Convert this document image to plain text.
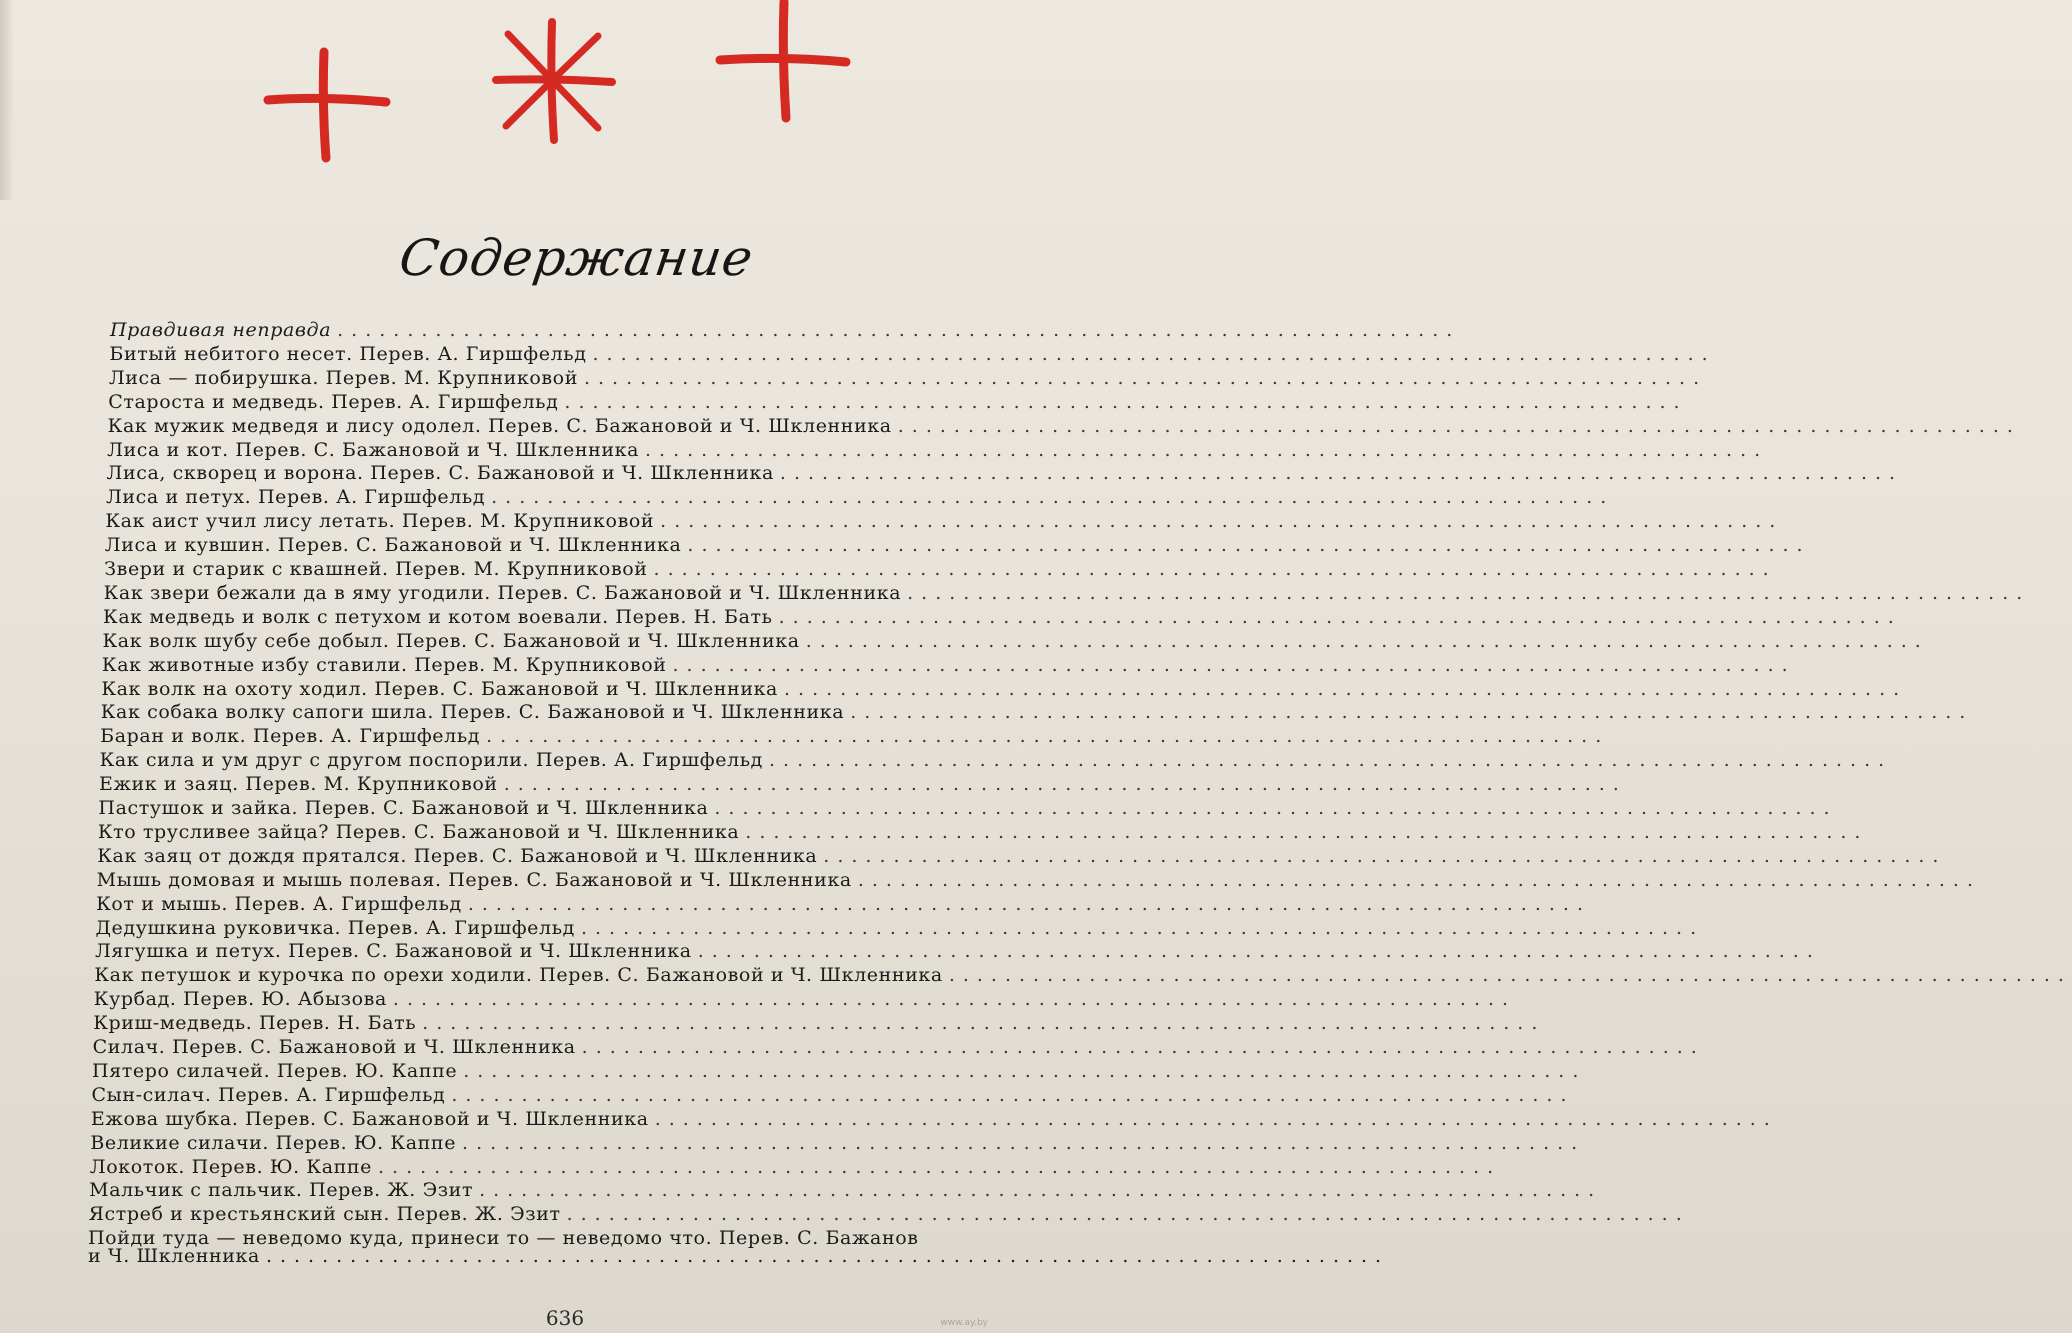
Содержание
Правдивая неправда ................................................................................
Битый небитого несет. Перев. А. Гиршфельд ................................................................................
Лиса — побирушка. Перев. М. Крупниковой ................................................................................
Староста и медведь. Перев. А. Гиршфельд ................................................................................
Как мужик медведя и лису одолел. Перев. С. Бажановой и Ч. Шкленника ................................................................................
Лиса и кот. Перев. С. Бажановой и Ч. Шкленника ................................................................................
Лиса, скворец и ворона. Перев. С. Бажановой и Ч. Шкленника ................................................................................
Лиса и петух. Перев. А. Гиршфельд ................................................................................
Как аист учил лису летать. Перев. М. Крупниковой ................................................................................
Лиса и кувшин. Перев. С. Бажановой и Ч. Шкленника ................................................................................
Звери и старик с квашней. Перев. М. Крупниковой ................................................................................
Как звери бежали да в яму угодили. Перев. С. Бажановой и Ч. Шкленника ................................................................................
Как медведь и волк с петухом и котом воевали. Перев. Н. Бать ................................................................................
Как волк шубу себе добыл. Перев. С. Бажановой и Ч. Шкленника ................................................................................
Как животные избу ставили. Перев. М. Крупниковой ................................................................................
Как волк на охоту ходил. Перев. С. Бажановой и Ч. Шкленника ................................................................................
Как собака волку сапоги шила. Перев. С. Бажановой и Ч. Шкленника ................................................................................
Баран и волк. Перев. А. Гиршфельд ................................................................................
Как сила и ум друг с другом поспорили. Перев. А. Гиршфельд ................................................................................
Ежик и заяц. Перев. М. Крупниковой ................................................................................
Пастушок и зайка. Перев. С. Бажановой и Ч. Шкленника ................................................................................
Кто трусливее зайца? Перев. С. Бажановой и Ч. Шкленника ................................................................................
Как заяц от дождя прятался. Перев. С. Бажановой и Ч. Шкленника ................................................................................
Мышь домовая и мышь полевая. Перев. С. Бажановой и Ч. Шкленника ................................................................................
Кот и мышь. Перев. А. Гиршфельд ................................................................................
Дедушкина руковичка. Перев. А. Гиршфельд ................................................................................
Лягушка и петух. Перев. С. Бажановой и Ч. Шкленника ................................................................................
Как петушок и курочка по орехи ходили. Перев. С. Бажановой и Ч. Шкленника ................................................................................
Курбад. Перев. Ю. Абызова ................................................................................
Криш-медведь. Перев. Н. Бать ................................................................................
Силач. Перев. С. Бажановой и Ч. Шкленника ................................................................................
Пятеро силачей. Перев. Ю. Каппе ................................................................................
Сын-силач. Перев. А. Гиршфельд ................................................................................
Ежова шубка. Перев. С. Бажановой и Ч. Шкленника ................................................................................
Великие силачи. Перев. Ю. Каппе ................................................................................
Локоток. Перев. Ю. Каппе ................................................................................
Мальчик с пальчик. Перев. Ж. Эзит ................................................................................
Ястреб и крестьянский сын. Перев. Ж. Эзит ................................................................................
Пойди туда — неведомо куда, принеси то — неведомо что. Перев. С. Бажанов
и Ч. Шкленника ................................................................................
636	www.ay.by
